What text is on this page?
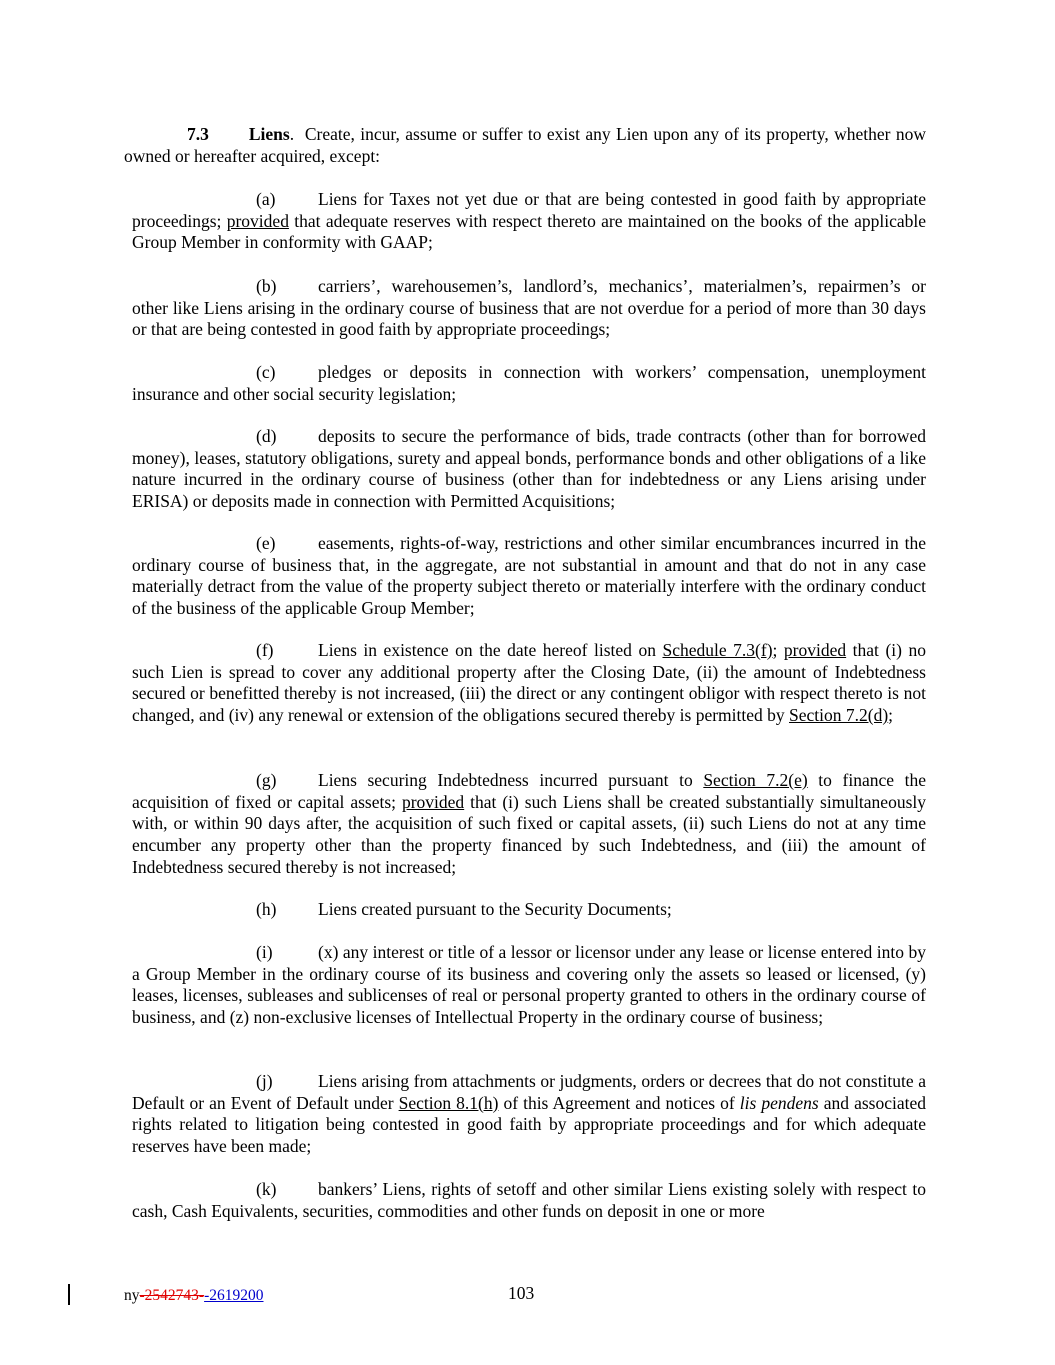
7.3 Liens.  Create, incur, assume or suffer to exist any Lien upon any of its property, whether now owned or hereafter acquired, except:

(a) Liens for Taxes not yet due or that are being contested in good faith by appropriate proceedings; provided that adequate reserves with respect thereto are maintained on the books of the applicable Group Member in conformity with GAAP;

(b) carriers’, warehousemen’s, landlord’s, mechanics’, materialmen’s, repairmen’s or other like Liens arising in the ordinary course of business that are not overdue for a period of more than 30 days or that are being contested in good faith by appropriate proceedings;

(c) pledges or deposits in connection with workers’ compensation, unemployment insurance and other social security legislation;

(d) deposits to secure the performance of bids, trade contracts (other than for borrowed money), leases, statutory obligations, surety and appeal bonds, performance bonds and other obligations of a like nature incurred in the ordinary course of business (other than for indebtedness or any Liens arising under ERISA) or deposits made in connection with Permitted Acquisitions;

(e) easements, rights-of-way, restrictions and other similar encumbrances incurred in the ordinary course of business that, in the aggregate, are not substantial in amount and that do not in any case materially detract from the value of the property subject thereto or materially interfere with the ordinary conduct of the business of the applicable Group Member;

(f)	Liens in existence on the date hereof listed on Schedule 7.3(f); provided that (i) no such Lien is spread to cover any additional property after the Closing Date, (ii) the amount of Indebtedness secured or benefitted thereby is not increased, (iii) the direct or any contingent obligor with respect thereto is not changed, and (iv) any renewal or extension of the obligations secured thereby is permitted by Section 7.2(d);

(g) Liens securing Indebtedness incurred pursuant to Section 7.2(e) to finance the acquisition of fixed or capital assets; provided that (i) such Liens shall be created substantially simultaneously with, or within 90 days after, the acquisition of such fixed or capital assets, (ii) such Liens do not at any time encumber any property other than the property financed by such Indebtedness, and (iii) the amount of Indebtedness secured thereby is not increased;

(h) Liens created pursuant to the Security Documents;

(i)	(x) any interest or title of a lessor or licensor under any lease or license entered into by a Group Member in the ordinary course of its business and covering only the assets so leased or licensed, (y) leases, licenses, subleases and sublicenses of real or personal property granted to others in the ordinary course of business, and (z) non-exclusive licenses of Intellectual Property in the ordinary course of business;

(j)	Liens arising from attachments or judgments, orders or decrees that do not constitute a Default or an Event of Default under Section 8.1(h) of this Agreement and notices of lis pendens and associated rights related to litigation being contested in good faith by appropriate proceedings and for which adequate reserves have been made;

(k) bankers’ Liens, rights of setoff and other similar Liens existing solely with respect to cash, Cash Equivalents, securities, commodities and other funds on deposit in one or more

ny-2542743--2619200	103
